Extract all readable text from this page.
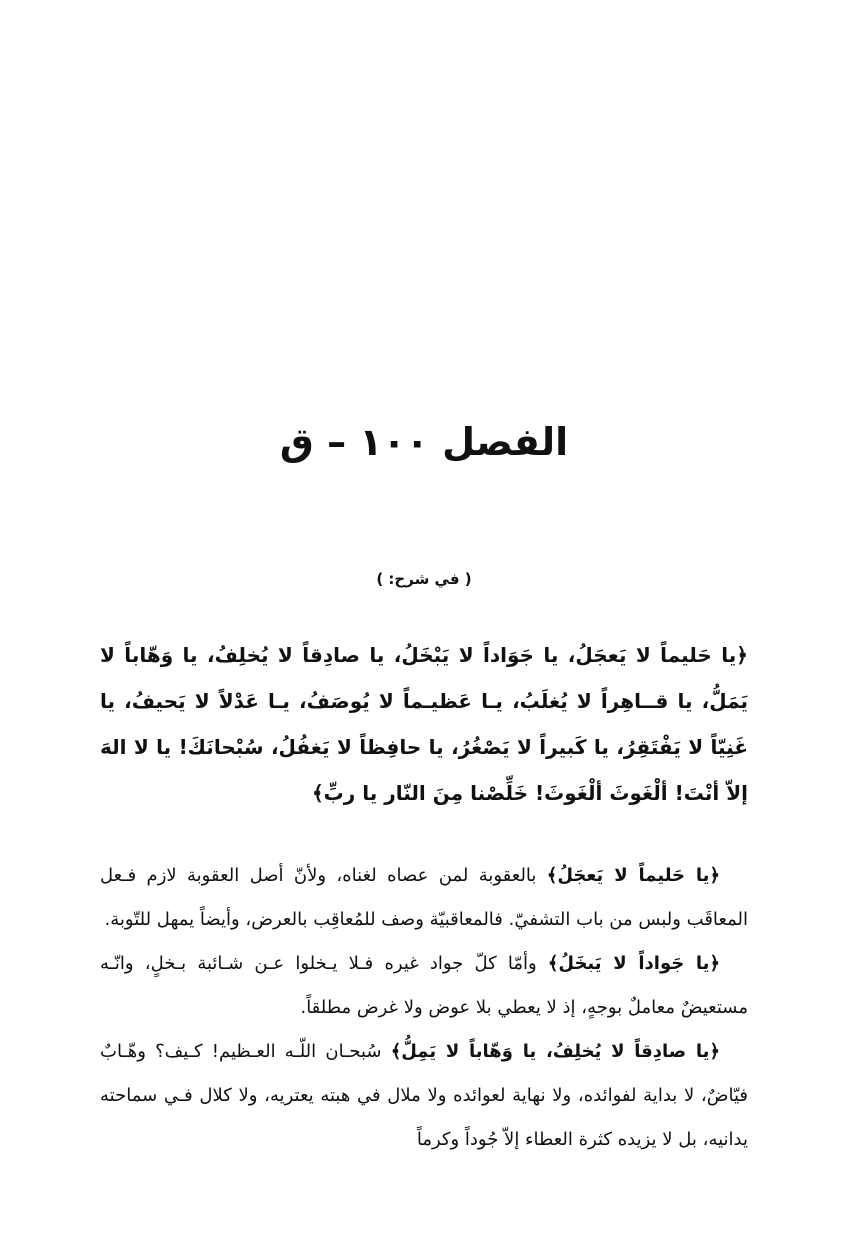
الفصل ١٠٠ – ق
( في شرح: )
﴿يا حَليماً لا يَعجَلُ، يا جَوَاداً لا يَبْخَلُ، يا صادِقاً لا يُخلِفُ، يا وَهّاباً لا يَمَلُّ، يا قــاهِراً لا يُغلَبُ، يـا عَظيـماً لا يُوصَفُ، يـا عَدْلاً لا يَحيفُ، يا غَنِيّاً لا يَفْتَقِرُ، يا كَبيراً لا يَصْغُرُ، يا حافِظاً لا يَغفُلُ، سُبْحانَكَ! يا لا الهَ إلاّ أنْتَ! ألْغَوثَ ألْغَوثَ! خَلِّصْنا مِنَ النّار يا ربِّ﴾

﴿يا حَليماً لا يَعجَلُ﴾ بالعقوبة لمن عصاه لغناه، ولأنّ أصل العقوبة لازم فـعل المعاقَب ولبس من باب التشفيّ. فالمعاقبيّة وصف للمُعاقِب بالعرض، وأيضاً يمهل للتّوبة.

﴿يا جَواداً لا يَبخَلُ﴾ وأمّا كلّ جواد غيره فـلا يـخلوا عـن شـائبة بـخلٍ، وانّـه مستعيضٌ معاملٌ بوجهٍ، إذ لا يعطي بلا عوض ولا غرض مطلقاً.

﴿يا صادِقاً لا يُخلِفُ، يا وَهّاباً لا يَمِلُّ﴾ سُبحـان اللّـه العـظيم! كـيف؟ وهّـابٌ فيّاضٌ، لا بداية لفوائده، ولا نهاية لعوائده ولا ملال في هبته يعتريه، ولا كلال فـي سماحته يدانيه، بل لا يزيده كثرة العطاء إلاّ جُوداً وكرماً
